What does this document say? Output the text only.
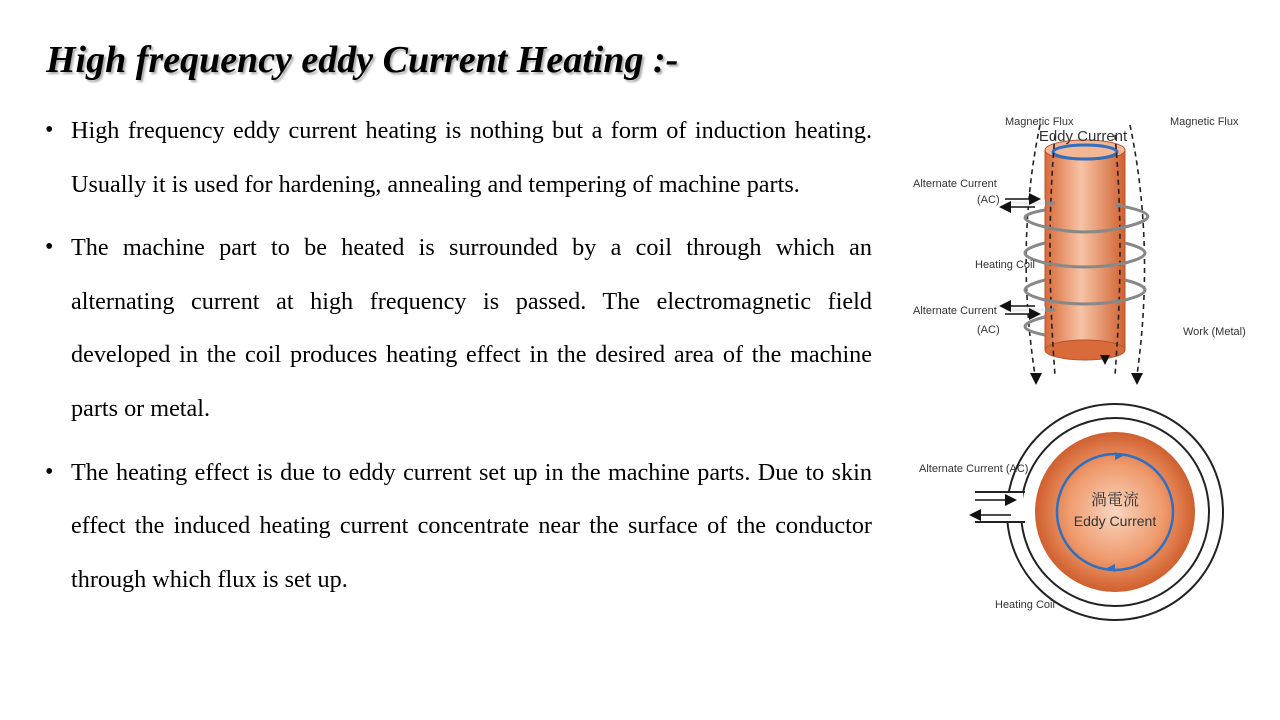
High frequency eddy Current Heating :-
• High frequency eddy current heating is nothing but a form of induction heating. Usually it is used for hardening, annealing and tempering of machine parts.
• The machine part to be heated is surrounded by a coil through which an alternating current at high frequency is passed. The electromagnetic field developed in the coil produces heating effect in the desired area of the machine parts or metal.
• The heating effect is due to eddy current set up in the machine parts. Due to skin effect the induced heating current concentrate near the surface of the conductor through which flux is set up.
Magnetic Flux
Eddy Current
Magnetic Flux
Alternate Current
(AC)
Heating Coil
Alternate Current
(AC)	Work (Metal)
渦電流
Eddy Current
Alternate Current (AC)
Heating Coil
